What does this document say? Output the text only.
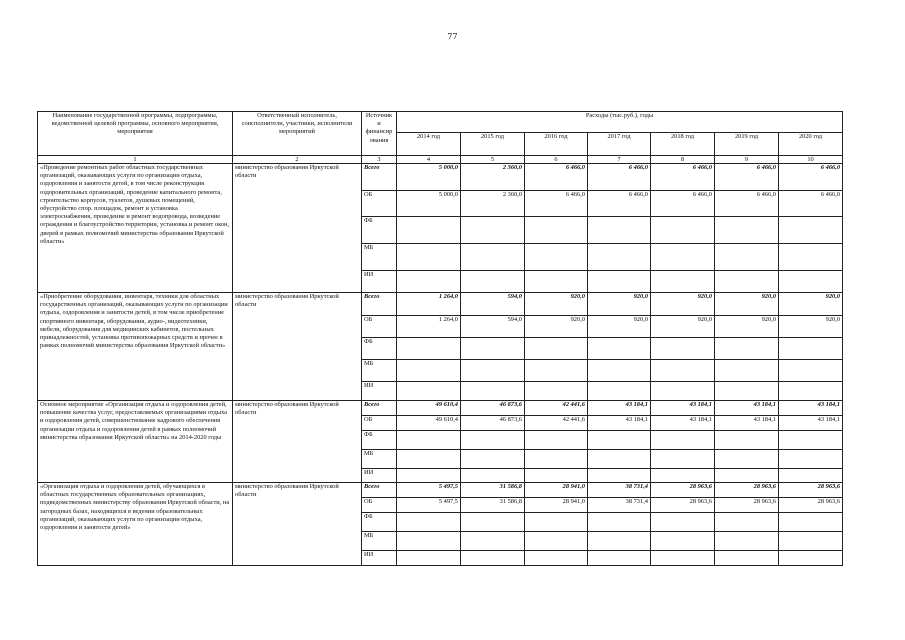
77
Наименование государственной программы, подпрограммы, ведомственной целевой программы, основного мероприятия, мероприятия	Ответственный исполнитель, соисполнители, участники, исполнители мероприятий	Источник и финансир ования	Расходы (тыс.руб.), годы						
			2014 год	2015 год	2016 год	2017 год	2018 год	2019 год	2020 год
1	2	3	4	5	6	7	8	9	10
«Проведение ремонтных работ областных государственных организаций, оказывающих услуги по организации отдыха, оздоровления и занятости детей, в том числе реконструкция оздоровительных организаций, проведение капитального ремонта, строительство корпусов, туалетов, душевых помещений, обустройство спор. площадок, ремонт и установка электроснабжения, проведение и ремонт водопровода, возведение ограждения и благоустройство территории, установка и ремонт окон, дверей в рамках полномочий министерства образования Иркутской области»	министерство образования Иркутской области	Всего	5 000,0	2 360,0	6 466,0	6 466,0	6 466,0	6 466,0	6 466,0
		ОБ	5 000,0	2 360,0	6 466,0	6 466,0	6 466,0	6 466,0	6 466,0
		ФБ							
		МБ							
		ИИ							
«Приобретение оборудования, инвентаря, техники для областных государственных организаций, оказывающих услуги по организации отдыха, оздоровления и занятости детей, в том числе приобретение спортивного инвентаря, оборудования, аудио-, видеотехники, мебели, оборудования для медицинских кабинетов, постельных принадлежностей, установка противопожарных средств и прочее в рамках полномочий министерства образования Иркутской области»	министерство образования Иркутской области	Всего	1 264,0	594,0	920,0	920,0	920,0	920,0	920,0
		ОБ	1 264,0	594,0	920,0	920,0	920,0	920,0	920,0
		ФБ							
		МБ							
		ИИ							
Основное мероприятие «Организация отдыха и оздоровления детей, повышение качества услуг, предоставляемых организациями отдыха и оздоровления детей, совершенствование кадрового обеспечения организации отдыха и оздоровления детей в рамках полномочий министерства образования Иркутской области» на 2014-2020 годы	министерство образования Иркутской области	Всего	49 610,4	46 873,6	42 441,6	43 184,1	43 184,1	43 184,1	43 184,1
		ОБ	49 610,4	46 873,6	42 441,6	43 184,1	43 184,1	43 184,1	43 184,1
		ФБ							
		МБ							
		ИИ							
«Организация отдыха и оздоровления детей, обучающихся в областных государственных образовательных организациях, подведомственных министерству образования Иркутской области, на загородных базах, находящихся в ведении образовательных организаций, оказывающих услуги по организации отдыха, оздоровления и занятости детей»	министерство образования Иркутской области	Всего	5 497,5	31 586,8	28 941,0	38 731,4	28 963,6	28 963,6	28 963,6
		ОБ	5 497,5	31 586,8	28 941,0	38 731,4	28 963,6	28 963,6	28 963,6
		ФБ							
		МБ							
		ИИ							
